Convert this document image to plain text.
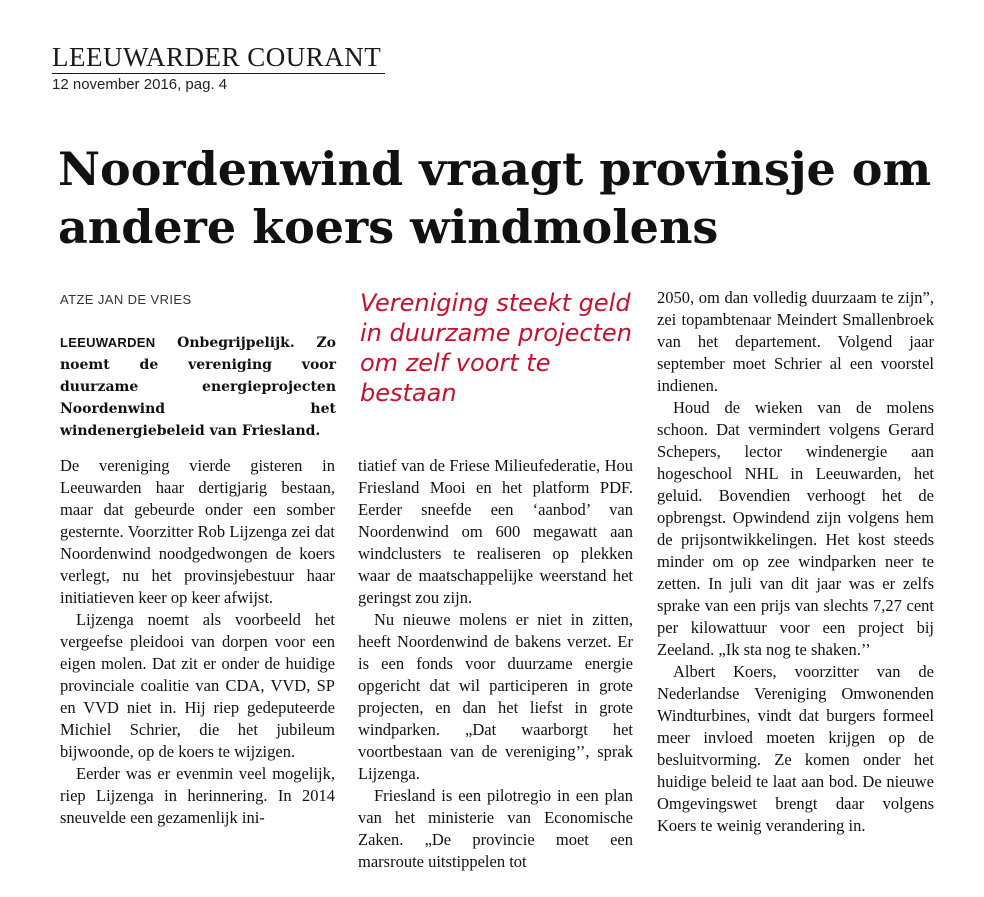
LEEUWARDER COURANT
12 november 2016, pag. 4
Noordenwind vraagt provinsje om andere koers windmolens
ATZE JAN DE VRIES

LEEUWARDEN Onbegrijpelijk. Zo noemt de vereniging voor duurzame energieprojecten Noordenwind het windenergiebeleid van Friesland.

Vereniging steekt geld in duurzame projecten om zelf voort te bestaan

De vereniging vierde gisteren in Leeuwarden haar dertigjarig bestaan, maar dat gebeurde onder een somber gesternte. Voorzitter Rob Lijzenga zei dat Noordenwind noodgedwongen de koers verlegt, nu het provinsjebestuur haar initiatieven keer op keer afwijst.

Lijzenga noemt als voorbeeld het vergeefse pleidooi van dorpen voor een eigen molen. Dat zit er onder de huidige provinciale coalitie van CDA, VVD, SP en VVD niet in. Hij riep gedeputeerde Michiel Schrier, die het jubileum bijwoonde, op de koers te wijzigen.

Eerder was er evenmin veel mogelijk, riep Lijzenga in herinnering. In 2014 sneuvelde een gezamenlijk ini-

tiatief van de Friese Milieufederatie, Hou Friesland Mooi en het platform PDF. Eerder sneefde een ‘aanbod’ van Noordenwind om 600 megawatt aan windclusters te realiseren op plekken waar de maatschappelijke weerstand het geringst zou zijn.

Nu nieuwe molens er niet in zitten, heeft Noordenwind de bakens verzet. Er is een fonds voor duurzame energie opgericht dat wil participeren in grote projecten, en dan het liefst in grote windparken. „Dat waarborgt het voortbestaan van de vereniging’’, sprak Lijzenga.

Friesland is een pilotregio in een plan van het ministerie van Economische Zaken. „De provincie moet een marsroute uitstippelen tot

2050, om dan volledig duurzaam te zijn”, zei topambtenaar Meindert Smallenbroek van het departement. Volgend jaar september moet Schrier al een voorstel indienen.

Houd de wieken van de molens schoon. Dat vermindert volgens Gerard Schepers, lector windenergie aan hogeschool NHL in Leeuwarden, het geluid. Bovendien verhoogt het de opbrengst. Opwindend zijn volgens hem de prijsontwikkelingen. Het kost steeds minder om op zee windparken neer te zetten. In juli van dit jaar was er zelfs sprake van een prijs van slechts 7,27 cent per kilowattuur voor een project bij Zeeland. „Ik sta nog te shaken.’’

Albert Koers, voorzitter van de Nederlandse Vereniging Omwonenden Windturbines, vindt dat burgers formeel meer invloed moeten krijgen op de besluitvorming. Ze komen onder het huidige beleid te laat aan bod. De nieuwe Omgevingswet brengt daar volgens Koers te weinig verandering in.
